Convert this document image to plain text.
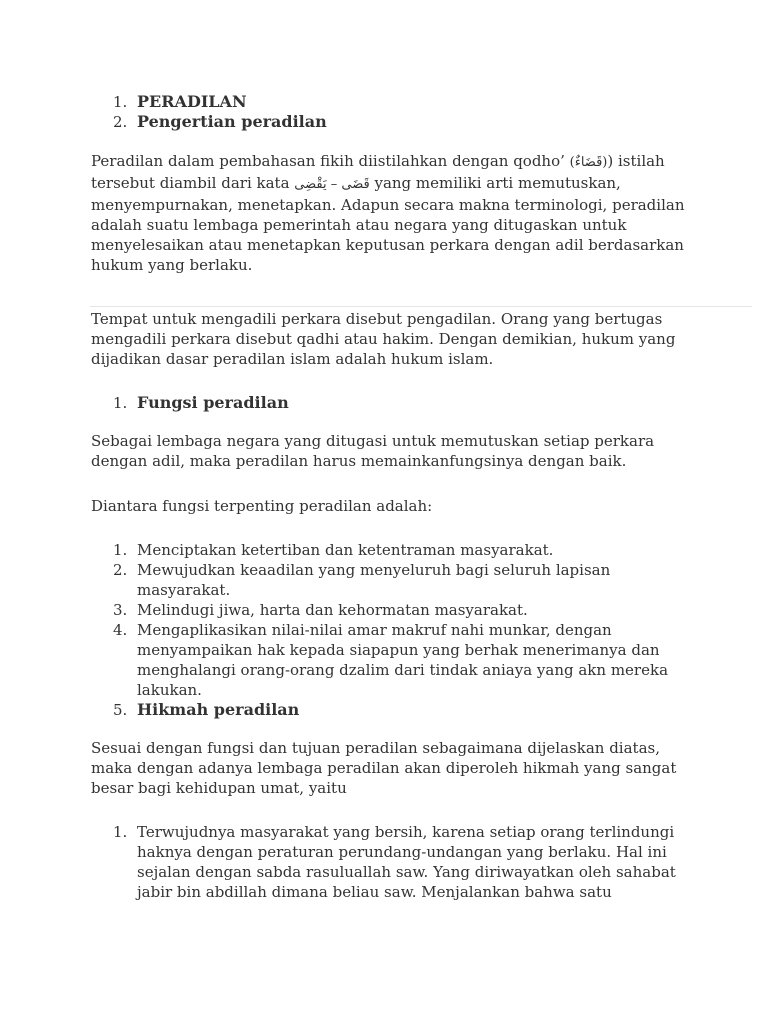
1. PERADILAN
2. Pengertian peradilan

Peradilan dalam pembahasan fikih diistilahkan dengan qodho’ (قَضَاءٌ)) istilah tersebut diambil dari kata قَضَى – يَقْضِى yang memiliki arti memutuskan, menyempurnakan, menetapkan. Adapun secara makna terminologi, peradilan adalah suatu lembaga pemerintah atau negara yang ditugaskan untuk menyelesaikan atau menetapkan keputusan perkara dengan adil berdasarkan hukum yang berlaku.

Tempat untuk mengadili perkara disebut pengadilan. Orang yang bertugas mengadili perkara disebut qadhi atau hakim. Dengan demikian, hukum yang dijadikan dasar peradilan islam adalah hukum islam.

1. Fungsi peradilan

Sebagai lembaga negara yang ditugasi untuk memutuskan setiap perkara dengan adil, maka peradilan harus memainkanfungsinya dengan baik.

Diantara fungsi terpenting peradilan adalah:

1. Menciptakan ketertiban dan ketentraman masyarakat.
2. Mewujudkan keaadilan yang menyeluruh bagi seluruh lapisan masyarakat.
3. Melindugi jiwa, harta dan kehormatan masyarakat.
4. Mengaplikasikan nilai-nilai amar makruf nahi munkar, dengan menyampaikan hak kepada siapapun yang berhak menerimanya dan menghalangi orang-orang dzalim dari tindak aniaya yang akn mereka lakukan.
5. Hikmah peradilan

Sesuai dengan fungsi dan tujuan peradilan sebagaimana dijelaskan diatas, maka dengan adanya lembaga peradilan akan diperoleh hikmah yang sangat besar bagi kehidupan umat, yaitu

1. Terwujudnya masyarakat yang bersih, karena setiap orang terlindungi haknya dengan peraturan perundang-undangan yang berlaku. Hal ini sejalan dengan sabda rasuluallah saw. Yang diriwayatkan oleh sahabat jabir bin abdillah dimana beliau saw. Menjalankan bahwa satu
